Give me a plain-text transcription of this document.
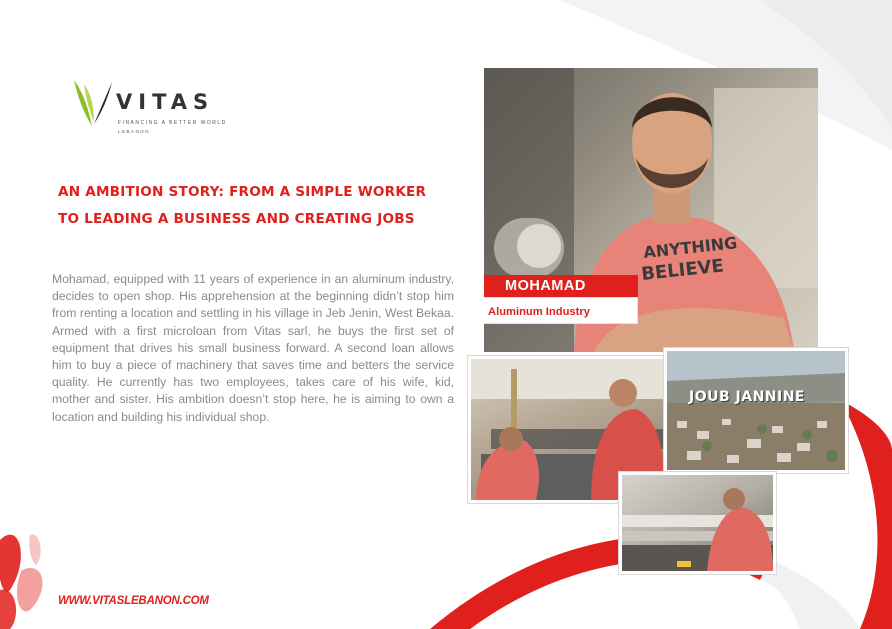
VITAS
FINANCING A BETTER WORLD
LEBANON
AN AMBITION STORY: FROM A SIMPLE WORKER
TO LEADING A BUSINESS AND CREATING JOBS
Mohamad, equipped with 11 years of experience in an aluminum industry, decides to open shop. His apprehension at the beginning didn’t stop him from renting a location and settling in his village in Jeb Jenin, West Bekaa. Armed with a first microloan from Vitas sarl, he buys the first set of equipment that drives his small business forward. A second loan allows him to buy a piece of machinery that saves time and betters the service quality. He currently has two employees, takes care of his wife, kid, mother and sister. His ambition doesn’t stop here, he is aiming to own a location and building his individual shop.
WWW.VITASLEBANON.COM
ANYTHING
BELIEVE
MOHAMAD
Aluminum Industry
JOUB JANNINE
